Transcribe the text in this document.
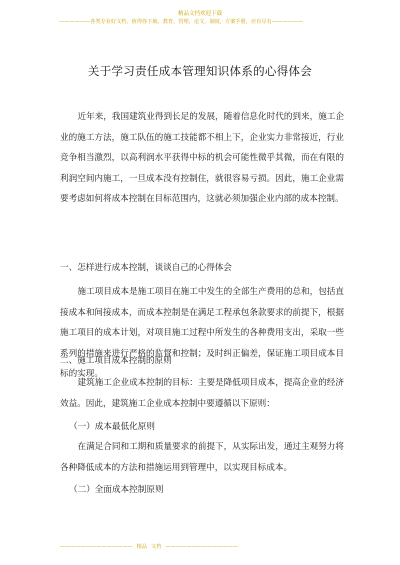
精品文档欢迎下载
——————各类专业好文档，值得你下载，教育，管理，论文，制度，方案手册，应有尽有——————
关于学习责任成本管理知识体系的心得体会

近年来，我国建筑业得到长足的发展，随着信息化时代的到来，施工企业的施工方法，施工队伍的施工技能都不相上下，企业实力非常接近，行业竞争相当激烈，以高利润水平获得中标的机会可能性微乎其微，而在有限的利润空间内施工，一旦成本没有控制住，就很容易亏损。因此，施工企业需要考虑如何将成本控制在目标范围内，这就必须加强企业内部的成本控制。

一、怎样进行成本控制，谈谈自己的心得体会

施工项目成本是施工项目在施工中发生的全部生产费用的总和，包括直接成本和间接成本，而成本控制是在满足工程承包条款要求的前提下，根据施工项目的成本计划，对项目施工过程中所发生的各种费用支出，采取一些系列的措施来进行严格的监督和控制；及时纠正偏差，保证施工项目成本目标的实现。

二、施工项目成本控制的原则

建筑施工企业成本控制的目标：主要是降低项目成本，提高企业的经济效益。因此，建筑施工企业成本控制中要遵循以下原则：

（一）成本最低化原则

在满足合同和工期和质量要求的前提下，从实际出发，通过主观努力将各种降低成本的方法和措施运用到管理中，以实现目标成本。

（二）全面成本控制原则
—————————————— 精品 文档 ——————————————
